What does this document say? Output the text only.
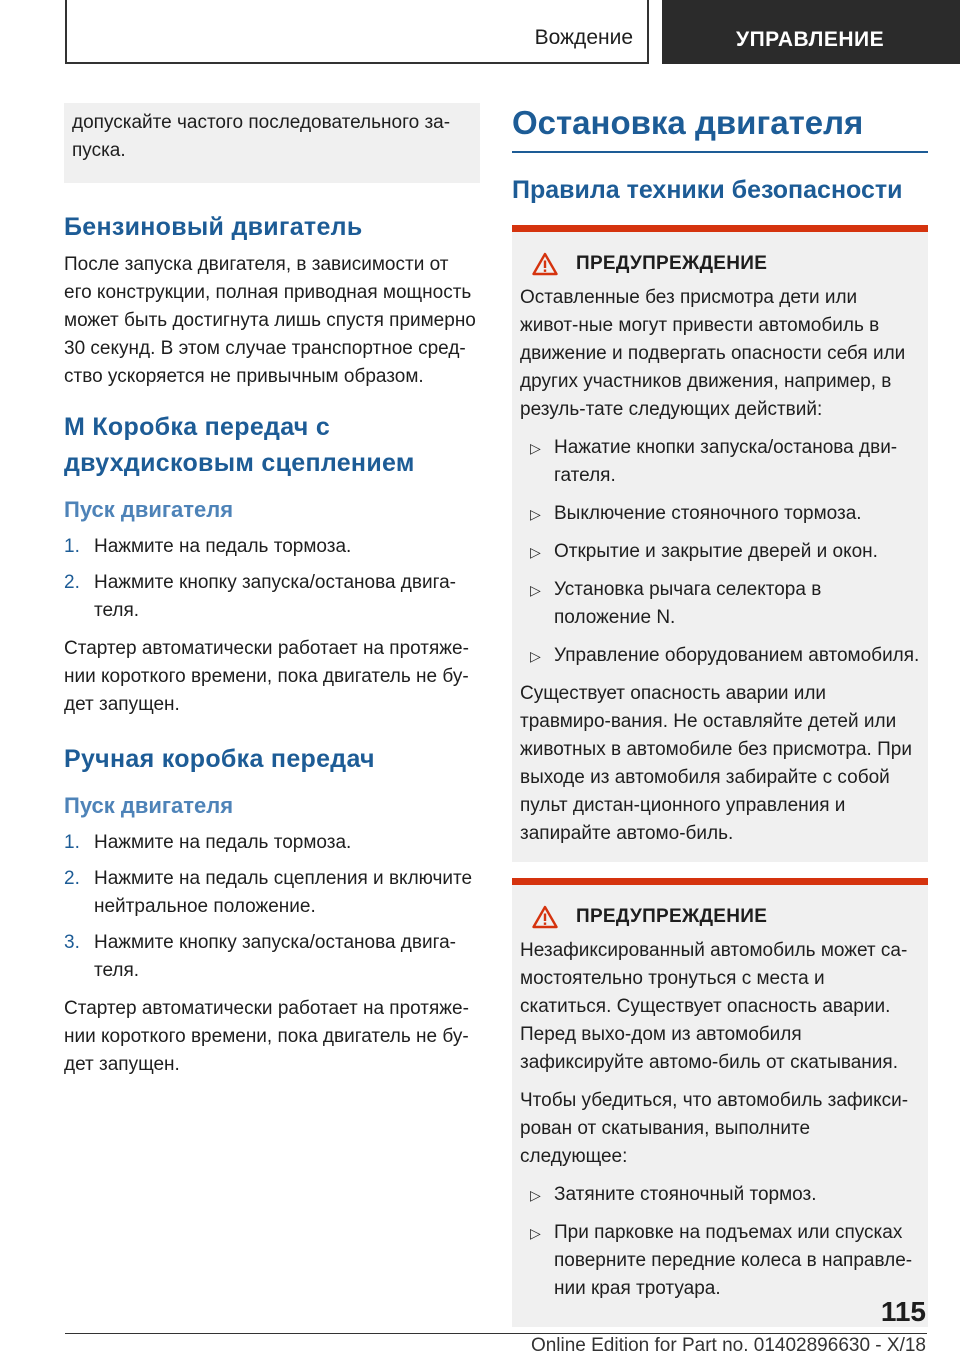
Вождение	УПРАВЛЕНИЕ

допускайте частого последовательного за-
пуска.

Бензиновый двигатель

После запуска двигателя, в зависимости от его конструкции, полная приводная мощность может быть достигнута лишь спустя примерно 30 секунд. В этом случае транспортное сред-ство ускоряется не привычным образом.

M Коробка передач с двухдисковым сцеплением
Пуск двигателя
1. Нажмите на педаль тормоза.
2. Нажмите кнопку запуска/останова двига-теля.

Стартер автоматически работает на протяже-нии короткого времени, пока двигатель не бу-дет запущен.

Ручная коробка передач
Пуск двигателя
1. Нажмите на педаль тормоза.
2. Нажмите на педаль сцепления и включите нейтральное положение.
3. Нажмите кнопку запуска/останова двига-теля.

Стартер автоматически работает на протяже-нии короткого времени, пока двигатель не бу-дет запущен.

Остановка двигателя
Правила техники безопасности
ПРЕДУПРЕЖДЕНИЕ

Оставленные без присмотра дети или живот-ные могут привести автомобиль в движение и подвергать опасности себя или других участников движения, например, в резуль-тате следующих действий:

▷ Нажатие кнопки запуска/останова дви-гателя.
▷ Выключение стояночного тормоза.
▷ Открытие и закрытие дверей и окон.
▷ Установка рычага селектора в положение N.
▷ Управление оборудованием автомобиля.

Существует опасность аварии или травмиро-вания. Не оставляйте детей или животных в автомобиле без присмотра. При выходе из автомобиля забирайте с собой пульт дистан-ционного управления и запирайте автомо-биль.

ПРЕДУПРЕЖДЕНИЕ

Незафиксированный автомобиль может са-мостоятельно тронуться с места и скатиться. Существует опасность аварии. Перед выхо-дом из автомобиля зафиксируйте автомо-биль от скатывания.

Чтобы убедиться, что автомобиль зафикси-рован от скатывания, выполните следующее:

▷ Затяните стояночный тормоз.
▷ При парковке на подъемах или спусках поверните передние колеса в направле-нии края тротуара.
115
Online Edition for Part no. 01402896630 - X/18
